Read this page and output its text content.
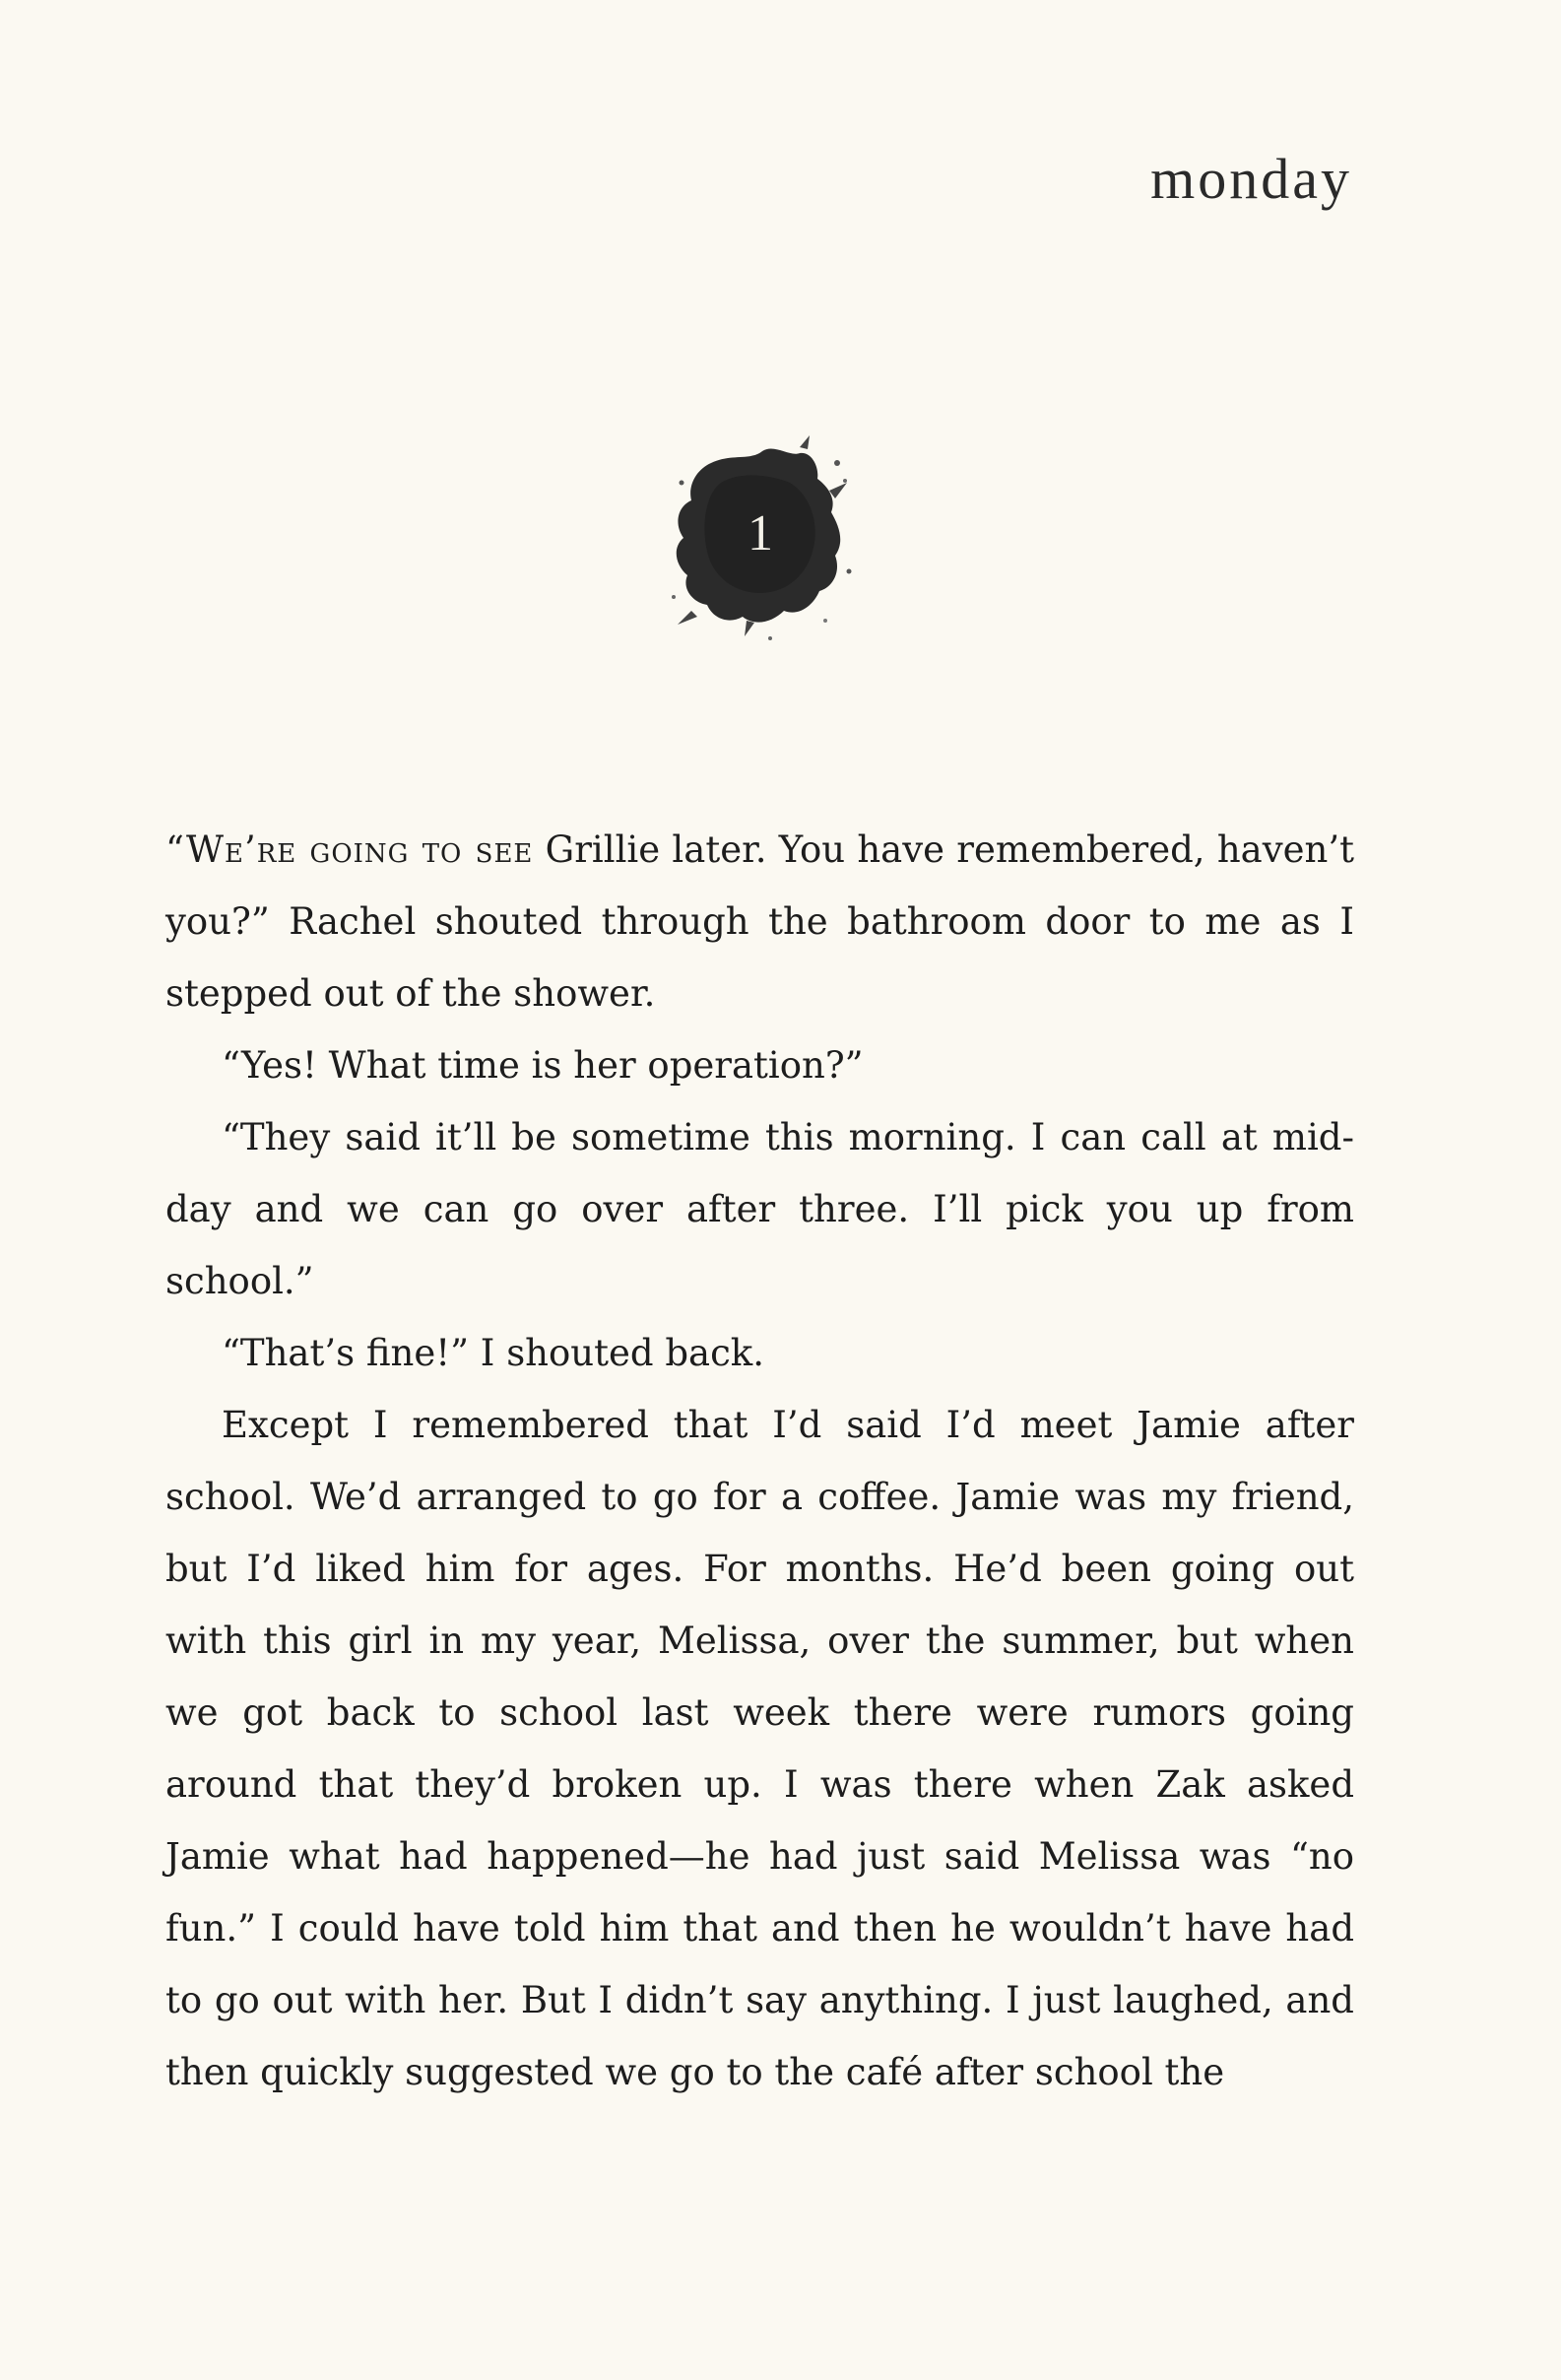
monday
1

“We’re going to see Grillie later. You have remembered, haven’t you?” Rachel shouted through the bathroom door to me as I stepped out of the shower.

“Yes! What time is her operation?”

“They said it’ll be sometime this morning. I can call at midday and we can go over after three. I’ll pick you up from school.”

“That’s fine!” I shouted back.

Except I remembered that I’d said I’d meet Jamie after school. We’d arranged to go for a coffee. Jamie was my friend, but I’d liked him for ages. For months. He’d been going out with this girl in my year, Melissa, over the summer, but when we got back to school last week there were rumors going around that they’d broken up. I was there when Zak asked Jamie what had happened—he had just said Melissa was “no fun.” I could have told him that and then he wouldn’t have had to go out with her. But I didn’t say anything. I just laughed, and then quickly suggested we go to the café after school the
